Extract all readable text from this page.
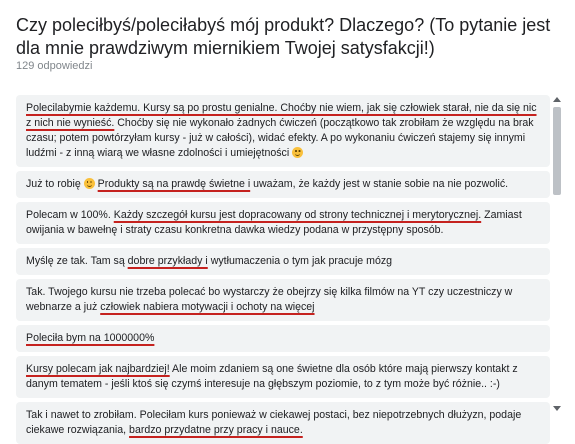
Czy poleciłbyś/poleciłabyś mój produkt? Dlaczego? (To pytanie jest dla mnie prawdziwym miernikiem Twojej satysfakcji!)
129 odpowiedzi
Polecilabymie każdemu. Kursy są po prostu genialne. Choćby nie wiem, jak się człowiek starał, nie da się nic z nich nie wynieść. Choćby się nie wykonało żadnych ćwiczeń (początkowo tak zrobiłam że względu na brak czasu; potem powtórzyłam kursy - już w całości), widać efekty. A po wykonaniu ćwiczeń stajemy się innymi ludźmi - z inną wiarą we własne zdolności i umiejętności
Już to robię  Produkty są na prawdę świetne i uważam, że każdy jest w stanie sobie na nie pozwolić.
Polecam w 100%. Każdy szczegół kursu jest dopracowany od strony technicznej i merytorycznej. Zamiast owijania w bawełnę i straty czasu konkretna dawka wiedzy podana w przystępny sposób.
Myślę ze tak. Tam są dobre przykłady i wytłumaczenia o tym jak pracuje mózg
Tak. Twojego kursu nie trzeba polecać bo wystarczy że obejrzy się kilka filmów na YT czy uczestniczy w webnarze a już człowiek nabiera motywacji i ochoty na więcej
Poleciła bym na 1000000%
Kursy polecam jak najbardziej! Ale moim zdaniem są one świetne dla osób które mają pierwszy kontakt z danym tematem - jeśli ktoś się czymś interesuje na głębszym poziomie, to z tym może być różnie.. :-)
Tak i nawet to zrobiłam. Poleciłam kurs ponieważ w ciekawej postaci, bez niepotrzebnych dłużyzn, podaje ciekawe rozwiązania, bardzo przydatne przy pracy i nauce.
